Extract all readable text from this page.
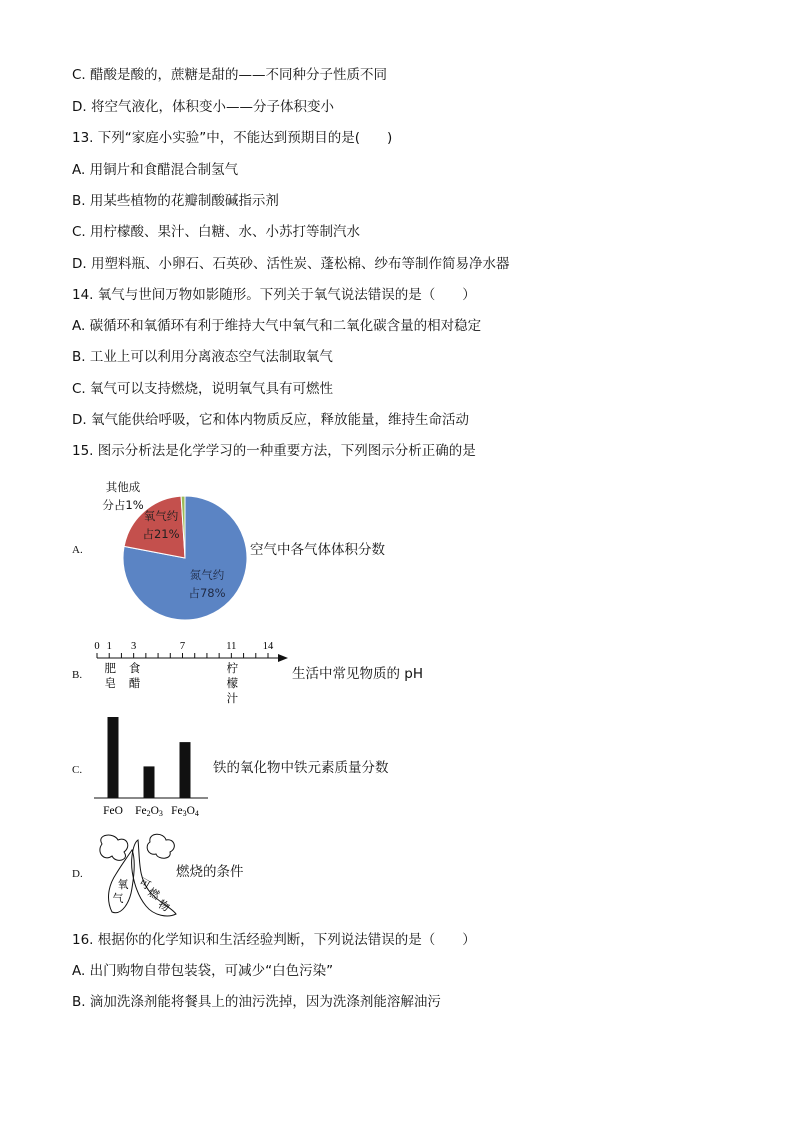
C. 醋酸是酸的，蔗糖是甜的——不同种分子性质不同
D. 将空气液化，体积变小——分子体积变小
13. 下列“家庭小实验”中，不能达到预期目的是(　　)
A. 用铜片和食醋混合制氢气
B. 用某些植物的花瓣制酸碱指示剂
C. 用柠檬酸、果汁、白糖、水、小苏打等制汽水
D. 用塑料瓶、小卵石、石英砂、活性炭、蓬松棉、纱布等制作简易净水器
14. 氧气与世间万物如影随形。下列关于氧气说法错误的是（　　）
A. 碳循环和氧循环有利于维持大气中氧气和二氧化碳含量的相对稳定
B. 工业上可以利用分离液态空气法制取氧气
C. 氧气可以支持燃烧，说明氧气具有可燃性
D. 氧气能供给呼吸，它和体内物质反应，释放能量，维持生命活动
15. 图示分析法是化学学习的一种重要方法，下列图示分析正确的是
A.
氮气约
占78%
氧气约
占21%
其他成
分占1%
空气中各气体体积分数
B.
0 1 3	7	11	14
肥
皂
食
醋
柠
檬
汁
生活中常见物质的 pH
C.
FeO Fe2O3 Fe3O4
铁的氧化物中铁元素质量分数
D.
氧
气
可
燃
物
燃烧的条件
16. 根据你的化学知识和生活经验判断，下列说法错误的是（　　）
A. 出门购物自带包装袋，可减少“白色污染”
B. 滴加洗涤剂能将餐具上的油污洗掉，因为洗涤剂能溶解油污
